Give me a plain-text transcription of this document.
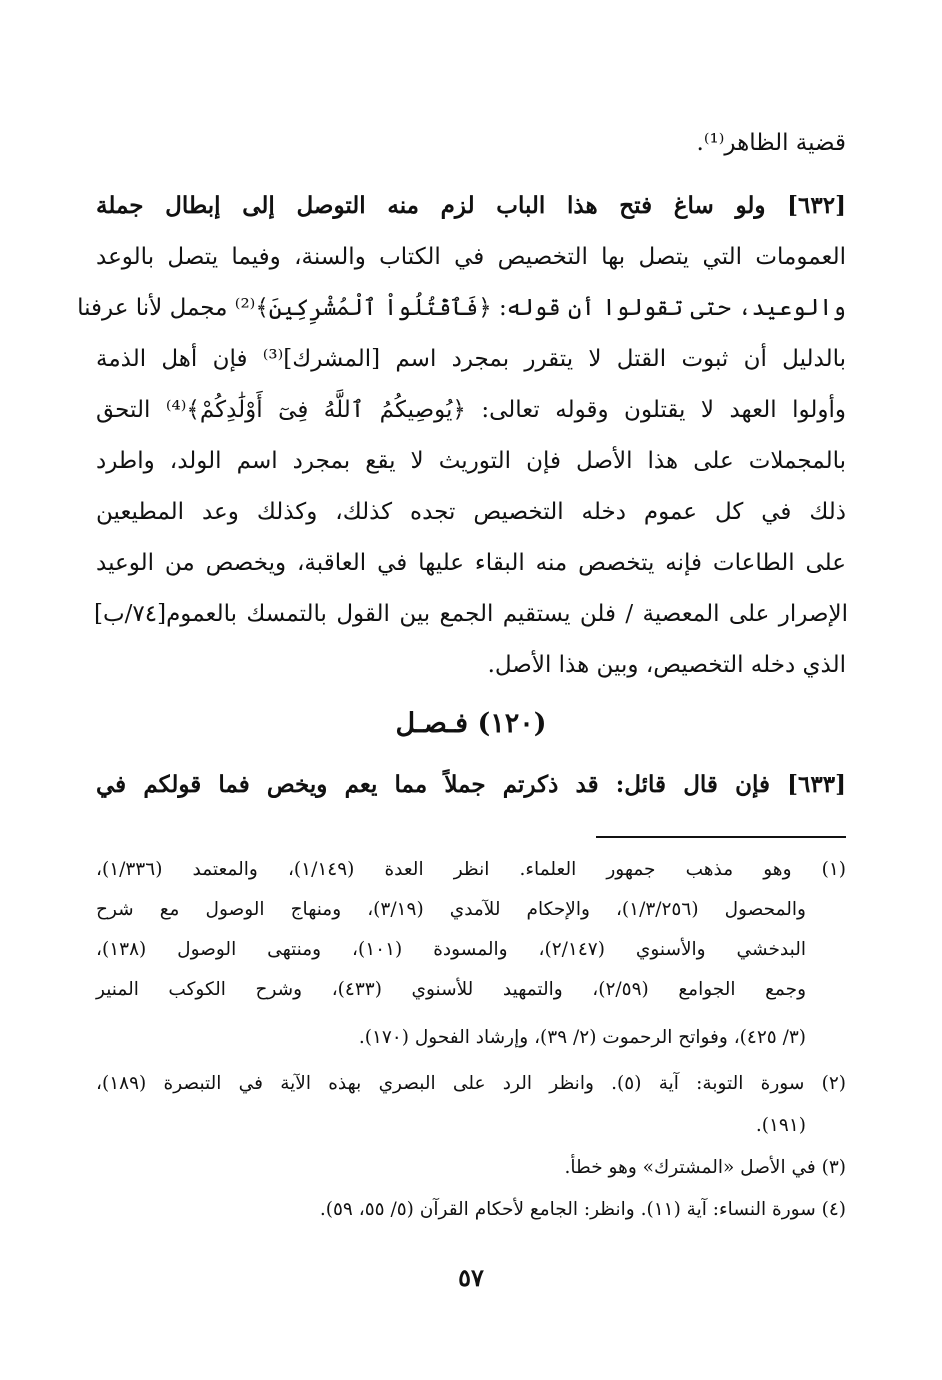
قضية الظاهر⁽¹⁾.
[٦٣٢] ولو ساغ فتح هذا الباب لزم منه التوصل إلى إبطال جملة
العمومات التي يتصل بها التخصيص في الكتاب والسنة، وفيما يتصل بالوعد
والوعيد، حتى تقولوا أن قوله: ﴿فَٱقْتُلُواْ ٱلْمُشْرِكِينَ﴾⁽²⁾ مجمل لأنا عرفنا
بالدليل أن ثبوت القتل لا يتقرر بمجرد اسم [المشرك]⁽³⁾ فإن أهل الذمة
وأولوا العهد لا يقتلون وقوله تعالى: ﴿يُوصِيكُمُ ٱللَّهُ فِىٓ أَوْلَٰدِكُمْ﴾⁽⁴⁾ التحق
بالمجملات على هذا الأصل فإن التوريث لا يقع بمجرد اسم الولد، واطرد
ذلك في كل عموم دخله التخصيص تجده كذلك، وكذلك وعد المطيعين
على الطاعات فإنه يتخصص منه البقاء عليها في العاقبة، ويخصص من الوعيد
الإصرار على المعصية / فلن يستقيم الجمع بين القول بالتمسك بالعموم[٧٤/ب]
الذي دخله التخصيص، وبين هذا الأصل.
(١٢٠) فـصـل
[٦٣٣] فإن قال قائل: قد ذكرتم جملاً مما يعم ويخص فما قولكم في
(١) وهو مذهب جمهور العلماء. انظر العدة (١/١٤٩)، والمعتمد (١/٣٣٦)،
والمحصول (١/٣/٢٥٦)، والإحكام للآمدي (٣/١٩)، ومنهاج الوصول مع شرح
البدخشي والأسنوي (٢/١٤٧)، والمسودة (١٠١)، ومنتهى الوصول (١٣٨)،
وجمع الجوامع (٢/٥٩)، والتمهيد للأسنوي (٤٣٣)، وشرح الكوكب المنير
(٣/ ٤٢٥)، وفواتح الرحموت (٢/ ٣٩)، وإرشاد الفحول (١٧٠).
(٢) سورة التوبة: آية (٥). وانظر الرد على البصري بهذه الآية في التبصرة (١٨٩)،
(١٩١).
(٣) في الأصل «المشترك» وهو خطأ.
(٤) سورة النساء: آية (١١). وانظر: الجامع لأحكام القرآن (٥/ ٥٥، ٥٩).
٥٧
